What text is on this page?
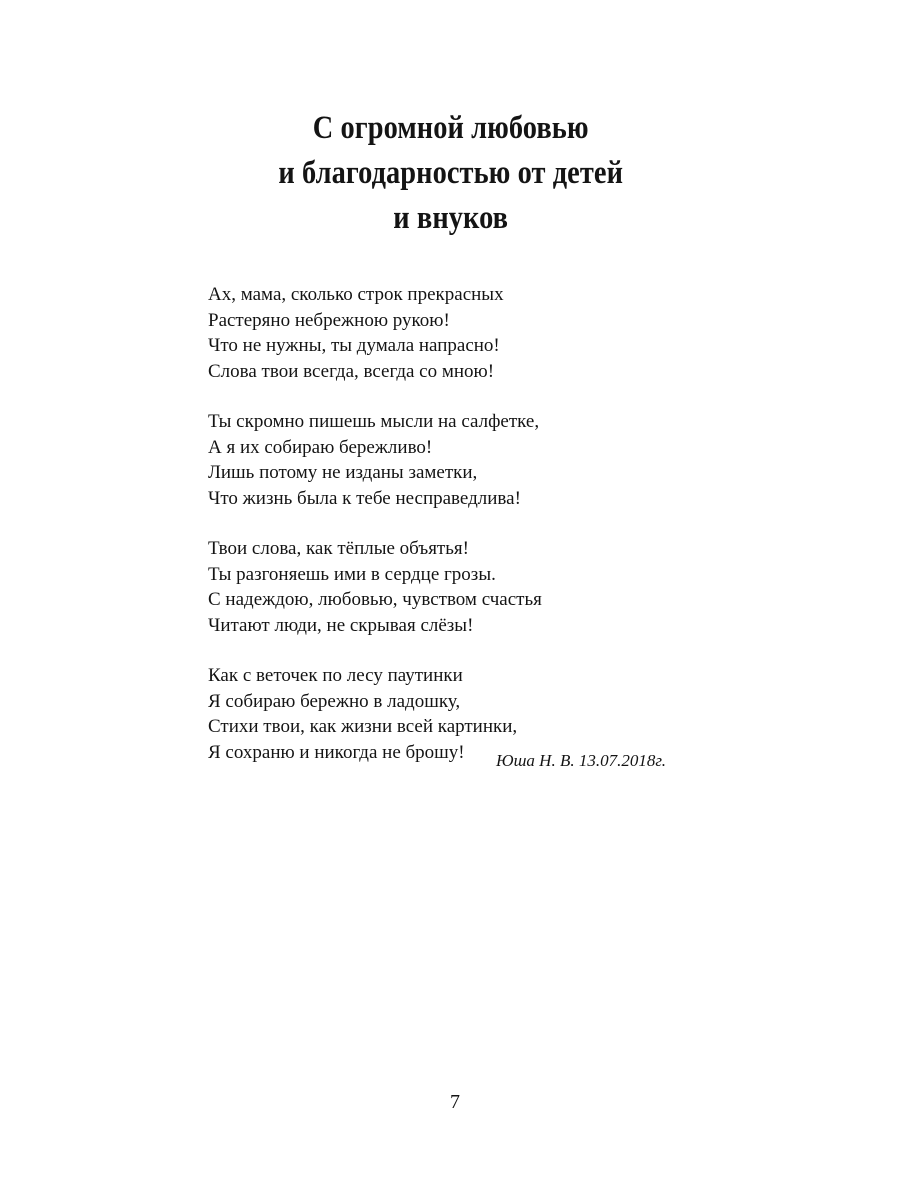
С огромной любовью
и благодарностью от детей
и внуков
Ах, мама, сколько строк прекрасных
Растеряно небрежною рукою!
Что не нужны, ты думала напрасно!
Слова твои всегда, всегда со мною!
Ты скромно пишешь мысли на салфетке,
А я их собираю бережливо!
Лишь потому не изданы заметки,
Что жизнь была к тебе несправедлива!
Твои слова, как тёплые объятья!
Ты разгоняешь ими в сердце грозы.
С надеждою, любовью, чувством счастья
Читают люди, не скрывая слёзы!
Как с веточек по лесу паутинки
Я собираю бережно в ладошку,
Стихи твои, как жизни всей картинки,
Я сохраню и никогда не брошу!	Юша Н. В. 13.07.2018г.
7
